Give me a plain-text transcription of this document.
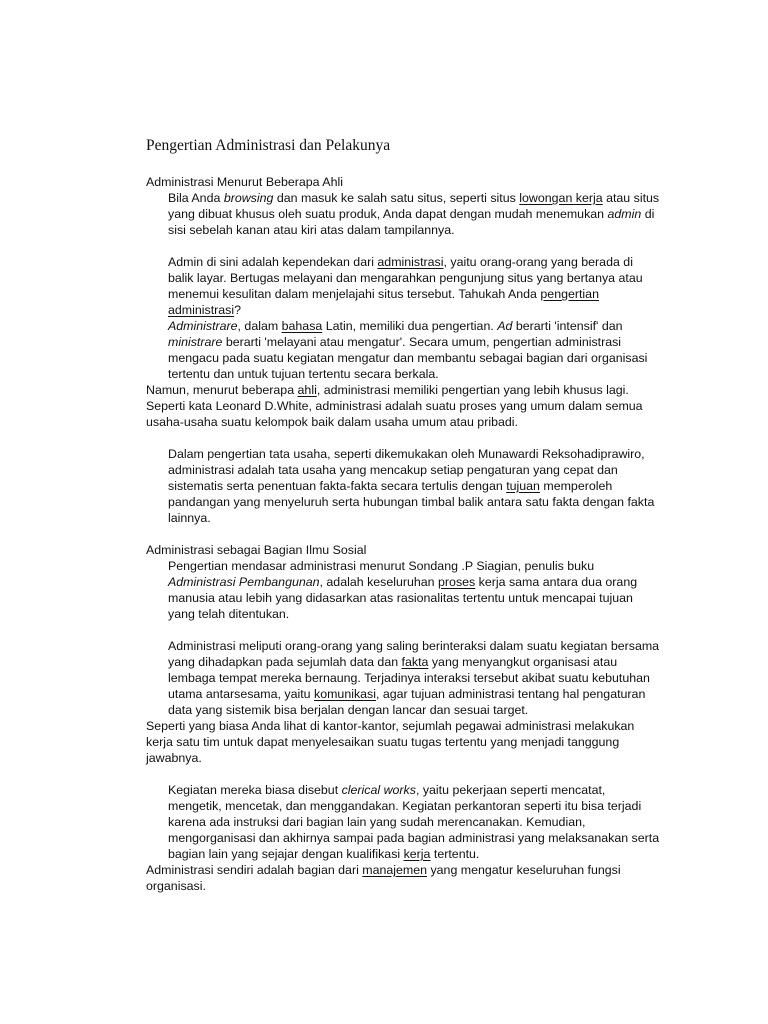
Pengertian Administrasi dan Pelakunya
Administrasi Menurut Beberapa Ahli

Bila Anda browsing dan masuk ke salah satu situs, seperti situs lowongan kerja atau situs yang dibuat khusus oleh suatu produk, Anda dapat dengan mudah menemukan admin di sisi sebelah kanan atau kiri atas dalam tampilannya.

Admin di sini adalah kependekan dari administrasi, yaitu orang-orang yang berada di balik layar. Bertugas melayani dan mengarahkan pengunjung situs yang bertanya atau menemui kesulitan dalam menjelajahi situs tersebut. Tahukah Anda pengertian administrasi?

Administrare, dalam bahasa Latin, memiliki dua pengertian. Ad berarti 'intensif' dan ministrare berarti 'melayani atau mengatur'. Secara umum, pengertian administrasi mengacu pada suatu kegiatan mengatur dan membantu sebagai bagian dari organisasi tertentu dan untuk tujuan tertentu secara berkala.

Namun, menurut beberapa ahli, administrasi memiliki pengertian yang lebih khusus lagi. Seperti kata Leonard D.White, administrasi adalah suatu proses yang umum dalam semua usaha-usaha suatu kelompok baik dalam usaha umum atau pribadi.

Dalam pengertian tata usaha, seperti dikemukakan oleh Munawardi Reksohadiprawiro, administrasi adalah tata usaha yang mencakup setiap pengaturan yang cepat dan sistematis serta penentuan fakta-fakta secara tertulis dengan tujuan memperoleh pandangan yang menyeluruh serta hubungan timbal balik antara satu fakta dengan fakta lainnya.

Administrasi sebagai Bagian Ilmu Sosial

Pengertian mendasar administrasi menurut Sondang .P Siagian, penulis buku Administrasi Pembangunan, adalah keseluruhan proses kerja sama antara dua orang manusia atau lebih yang didasarkan atas rasionalitas tertentu untuk mencapai tujuan yang telah ditentukan.

Administrasi meliputi orang-orang yang saling berinteraksi dalam suatu kegiatan bersama yang dihadapkan pada sejumlah data dan fakta yang menyangkut organisasi atau lembaga tempat mereka bernaung. Terjadinya interaksi tersebut akibat suatu kebutuhan utama antarsesama, yaitu komunikasi, agar tujuan administrasi tentang hal pengaturan data yang sistemik bisa berjalan dengan lancar dan sesuai target.

Seperti yang biasa Anda lihat di kantor-kantor, sejumlah pegawai administrasi melakukan kerja satu tim untuk dapat menyelesaikan suatu tugas tertentu yang menjadi tanggung jawabnya.

Kegiatan mereka biasa disebut clerical works, yaitu pekerjaan seperti mencatat, mengetik, mencetak, dan menggandakan. Kegiatan perkantoran seperti itu bisa terjadi karena ada instruksi dari bagian lain yang sudah merencanakan. Kemudian, mengorganisasi dan akhirnya sampai pada bagian administrasi yang melaksanakan serta bagian lain yang sejajar dengan kualifikasi kerja tertentu.

Administrasi sendiri adalah bagian dari manajemen yang mengatur keseluruhan fungsi organisasi.
